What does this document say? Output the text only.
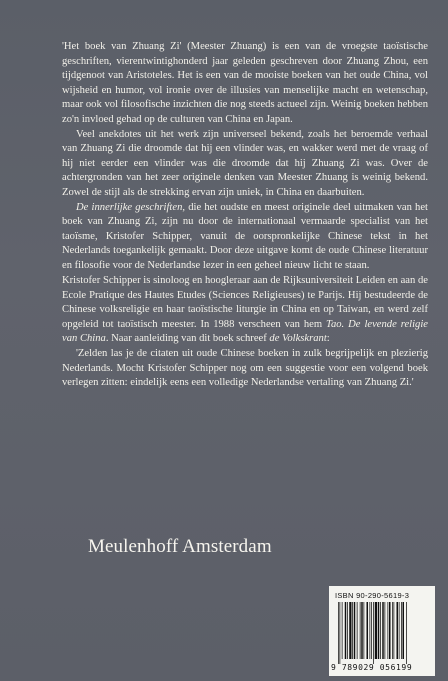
'Het boek van Zhuang Zi' (Meester Zhuang) is een van de vroegste taoïstische geschriften, vierentwintighonderd jaar geleden geschreven door Zhuang Zhou, een tijdgenoot van Aristoteles. Het is een van de mooiste boeken van het oude China, vol wijsheid en humor, vol ironie over de illusies van menselijke macht en wetenschap, maar ook vol filosofische inzichten die nog steeds actueel zijn. Weinig boeken hebben zo'n invloed gehad op de culturen van China en Japan.

Veel anekdotes uit het werk zijn universeel bekend, zoals het beroemde verhaal van Zhuang Zi die droomde dat hij een vlinder was, en wakker werd met de vraag of hij niet eerder een vlinder was die droomde dat hij Zhuang Zi was. Over de achtergronden van het zeer originele denken van Meester Zhuang is weinig bekend. Zowel de stijl als de strekking ervan zijn uniek, in China en daarbuiten.

De innerlijke geschriften, die het oudste en meest originele deel uitmaken van het boek van Zhuang Zi, zijn nu door de internationaal vermaarde specialist van het taoïsme, Kristofer Schipper, vanuit de oorspronkelijke Chinese tekst in het Nederlands toegankelijk gemaakt. Door deze uitgave komt de oude Chinese literatuur en filosofie voor de Nederlandse lezer in een geheel nieuw licht te staan.

Kristofer Schipper is sinoloog en hoogleraar aan de Rijksuniversiteit Leiden en aan de Ecole Pratique des Hautes Etudes (Sciences Religieuses) te Parijs. Hij bestudeerde de Chinese volksreligie en haar taoïstische liturgie in China en op Taiwan, en werd zelf opgeleid tot taoïstisch meester. In 1988 verscheen van hem Tao. De levende religie van China. Naar aanleiding van dit boek schreef de Volkskrant:

'Zelden las je de citaten uit oude Chinese boeken in zulk begrijpelijk en plezierig Nederlands. Mocht Kristofer Schipper nog om een suggestie voor een volgend boek verlegen zitten: eindelijk eens een volledige Nederlandse vertaling van Zhuang Zi.'

Meulenhoff Amsterdam
ISBN 90-290-5619-3
9 789029 056199
